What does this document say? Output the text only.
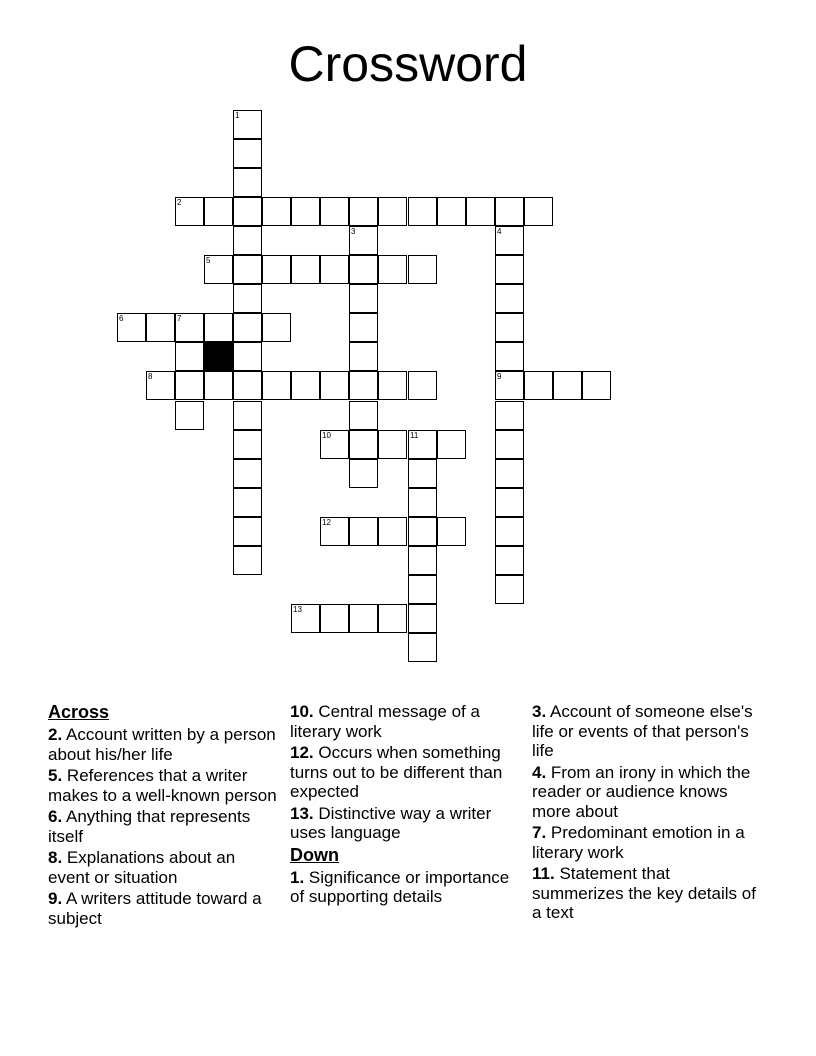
Crossword
1
2
3	4
5
6	7
8	9
10	11
12
13
Across
2. Account written by a person about his/her life
5. References that a writer makes to a well-known person
6. Anything that represents itself
8. Explanations about an event or situation
9. A writers attitude toward a subject
10. Central message of a literary work
12. Occurs when something turns out to be different than expected
13. Distinctive way a writer uses language
Down
1. Significance or importance of supporting details
3. Account of someone else's life or events of that person's life
4. From an irony in which the reader or audience knows more about
7. Predominant emotion in a literary work
11. Statement that summerizes the key details of a text
